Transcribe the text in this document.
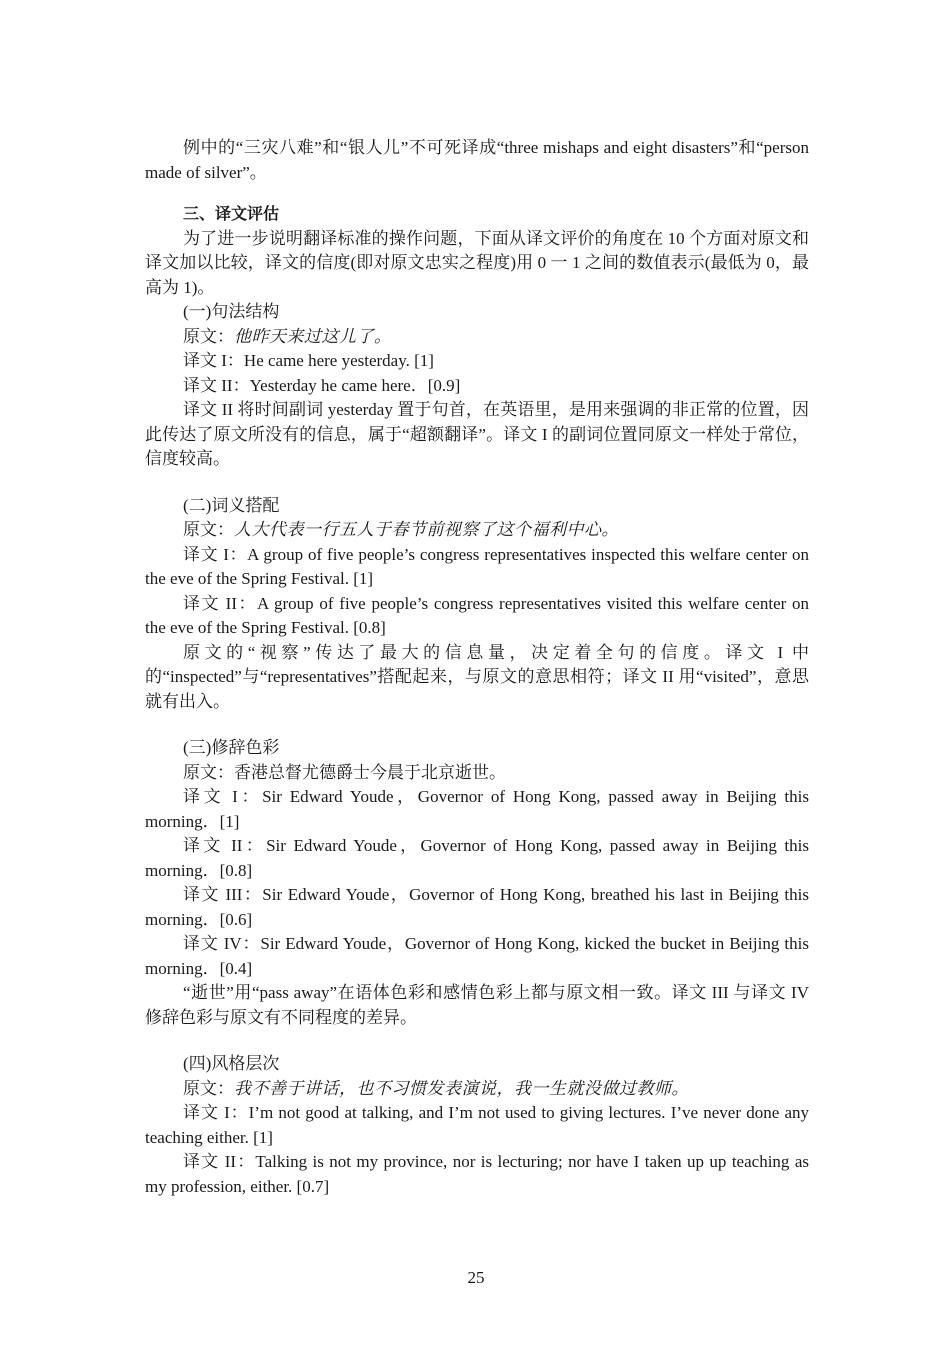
例中的“三灾八难”和“银人儿”不可死译成“three mishaps and eight disasters”和“person made of silver”。

三、译文评估

为了进一步说明翻译标准的操作问题，下面从译文评价的角度在 10 个方面对原文和译文加以比较，译文的信度(即对原文忠实之程度)用 0 一 1 之间的数值表示(最低为 0，最高为 1)。

(一)句法结构

原文：他昨天来过这儿了。

译文 I：He came here yesterday. [1]

译文 II：Yesterday he came here．[0.9]

译文 II 将时间副词 yesterday 置于句首，在英语里，是用来强调的非正常的位置，因此传达了原文所没有的信息，属于“超额翻译”。译文 I 的副词位置同原文一样处于常位，信度较高。

(二)词义搭配

原文：人大代表一行五人于春节前视察了这个福利中心。

译文 I：A group of five people’s congress representatives inspected this welfare center on the eve of the Spring Festival. [1]

译文 II：A group of five people’s congress representatives visited this welfare center on the eve of the Spring Festival. [0.8]

原文的“视察”传达了最大的信息量，决定着全句的信度。译文 I 中的“inspected”与“representatives”搭配起来，与原文的意思相符；译文 II 用“visited”，意思就有出入。

(三)修辞色彩

原文：香港总督尤德爵士今晨于北京逝世。

译文 I：Sir Edward Youde，Governor of Hong Kong, passed away in Beijing this morning．[1]

译文 II：Sir Edward Youde，Governor of Hong Kong, passed away in Beijing this morning．[0.8]

译文 III：Sir Edward Youde，Governor of Hong Kong, breathed his last in Beijing this morning．[0.6]

译文 IV：Sir Edward Youde，Governor of Hong Kong, kicked the bucket in Beijing this morning．[0.4]

“逝世”用“pass away”在语体色彩和感情色彩上都与原文相一致。译文 III 与译文 IV 修辞色彩与原文有不同程度的差异。

(四)风格层次

原文：我不善于讲话，也不习惯发表演说，我一生就没做过教师。

译文 I：I’m not good at talking, and I’m not used to giving lectures. I’ve never done any teaching either. [1]

译文 II：Talking is not my province, nor is lecturing; nor have I taken up up teaching as my profession, either. [0.7]

25
